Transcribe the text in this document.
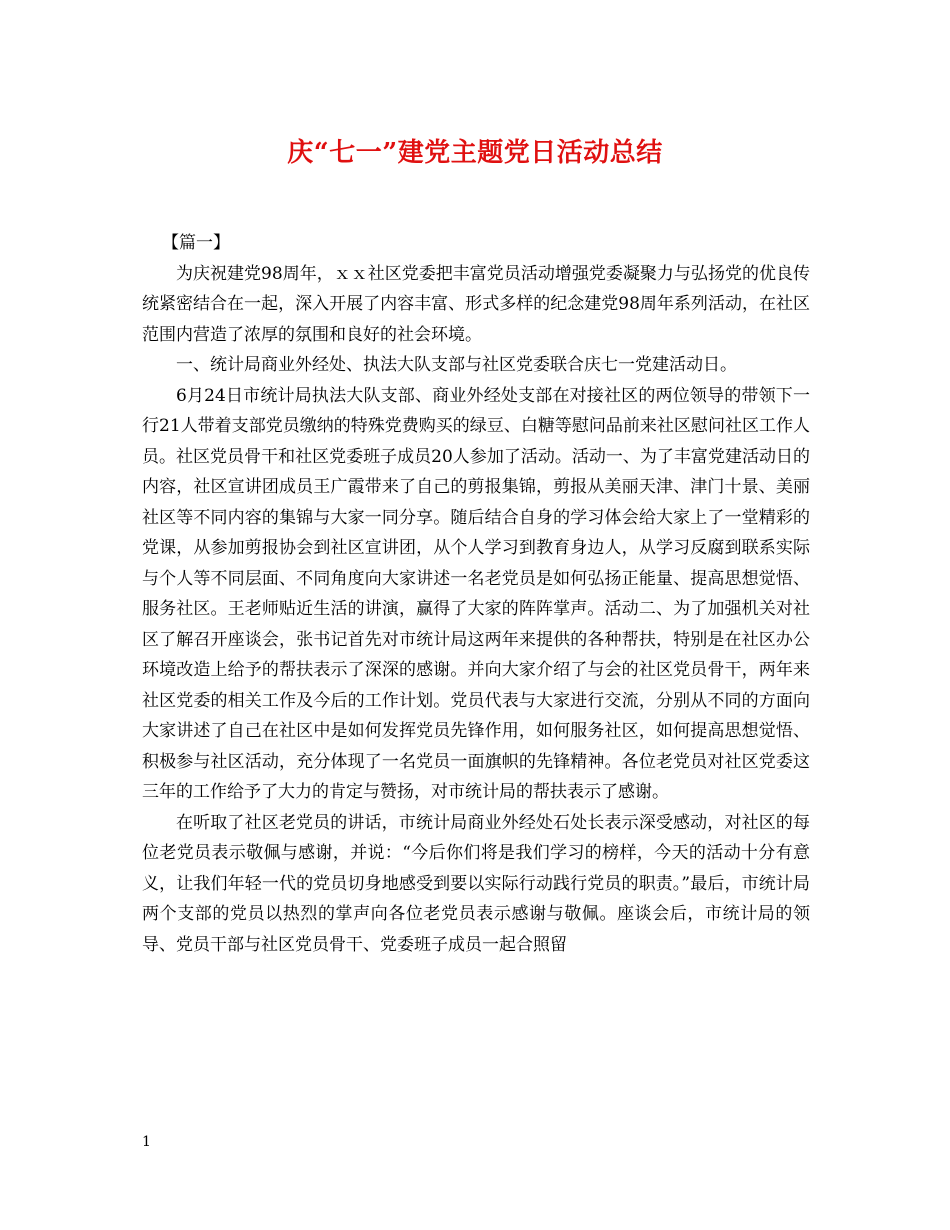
庆“七一”建党主题党日活动总结

【篇一】

为庆祝建党98周年，ｘｘ社区党委把丰富党员活动增强党委凝聚力与弘扬党的优良传统紧密结合在一起，深入开展了内容丰富、形式多样的纪念建党98周年系列活动，在社区范围内营造了浓厚的氛围和良好的社会环境。

一、统计局商业外经处、执法大队支部与社区党委联合庆七一党建活动日。

6月24日市统计局执法大队支部、商业外经处支部在对接社区的两位领导的带领下一行21人带着支部党员缴纳的特殊党费购买的绿豆、白糖等慰问品前来社区慰问社区工作人员。社区党员骨干和社区党委班子成员20人参加了活动。活动一、为了丰富党建活动日的内容，社区宣讲团成员王广霞带来了自己的剪报集锦，剪报从美丽天津、津门十景、美丽社区等不同内容的集锦与大家一同分享。随后结合自身的学习体会给大家上了一堂精彩的党课，从参加剪报协会到社区宣讲团，从个人学习到教育身边人，从学习反腐到联系实际与个人等不同层面、不同角度向大家讲述一名老党员是如何弘扬正能量、提高思想觉悟、服务社区。王老师贴近生活的讲演，赢得了大家的阵阵掌声。活动二、为了加强机关对社区了解召开座谈会，张书记首先对市统计局这两年来提供的各种帮扶，特别是在社区办公环境改造上给予的帮扶表示了深深的感谢。并向大家介绍了与会的社区党员骨干，两年来社区党委的相关工作及今后的工作计划。党员代表与大家进行交流，分别从不同的方面向大家讲述了自己在社区中是如何发挥党员先锋作用，如何服务社区，如何提高思想觉悟、积极参与社区活动，充分体现了一名党员一面旗帜的先锋精神。各位老党员对社区党委这三年的工作给予了大力的肯定与赞扬，对市统计局的帮扶表示了感谢。

在听取了社区老党员的讲话，市统计局商业外经处石处长表示深受感动，对社区的每位老党员表示敬佩与感谢，并说：“今后你们将是我们学习的榜样，今天的活动十分有意义，让我们年轻一代的党员切身地感受到要以实际行动践行党员的职责。”最后，市统计局两个支部的党员以热烈的掌声向各位老党员表示感谢与敬佩。座谈会后，市统计局的领导、党员干部与社区党员骨干、党委班子成员一起合照留

1
